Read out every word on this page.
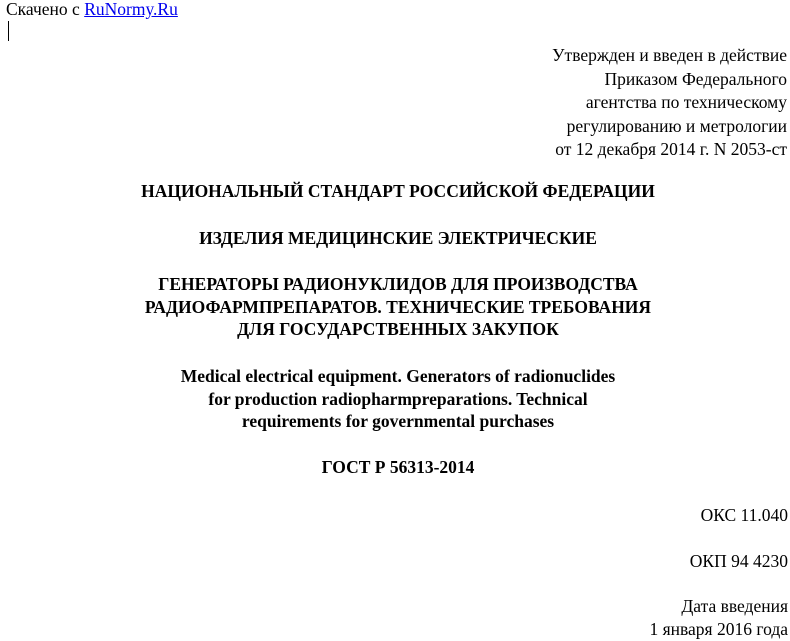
Скачено с RuNormy.Ru
Утвержден и введен в действие
Приказом Федерального
агентства по техническому
регулированию и метрологии
от 12 декабря 2014 г. N 2053-ст
НАЦИОНАЛЬНЫЙ СТАНДАРТ РОССИЙСКОЙ ФЕДЕРАЦИИ
ИЗДЕЛИЯ МЕДИЦИНСКИЕ ЭЛЕКТРИЧЕСКИЕ
ГЕНЕРАТОРЫ РАДИОНУКЛИДОВ ДЛЯ ПРОИЗВОДСТВА
РАДИОФАРМПРЕПАРАТОВ. ТЕХНИЧЕСКИЕ ТРЕБОВАНИЯ
ДЛЯ ГОСУДАРСТВЕННЫХ ЗАКУПОК
Medical electrical equipment. Generators of radionuclides
for production radiopharmpreparations. Technical
requirements for governmental purchases
ГОСТ Р 56313-2014
ОКС 11.040
ОКП 94 4230
Дата введения
1 января 2016 года
